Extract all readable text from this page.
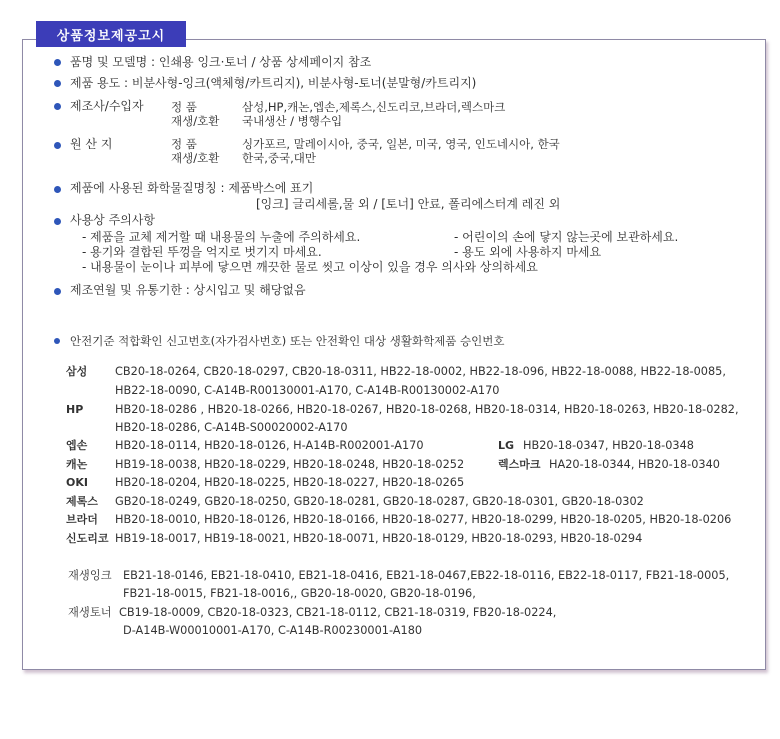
상품정보제공고시
품명 및 모델명 : 인쇄용 잉크·토너 / 상품 상세페이지 참조
제품 용도 : 비분사형-잉크(액체형/카트리지), 비분사형-토너(분말형/카트리지)
제조사/수입자 정 품	삼성,HP,캐논,엡손,제록스,신도리코,브라더,렉스마크
재생/호환 국내생산 / 병행수입
원 산 지	정 품	싱가포르, 말레이시아, 중국, 일본, 미국, 영국, 인도네시아, 한국
재생/호환 한국,중국,대만
제품에 사용된 화학물질명칭 : 제품박스에 표기
[잉크] 글리세롤,물 외 / [토너] 안료, 폴리에스터계 레진 외
사용상 주의사항
- 제품을 교체 제거할 때 내용물의 누출에 주의하세요.	- 어린이의 손에 닿지 않는곳에 보관하세요.
- 용기와 결합된 뚜껑을 억지로 벗기지 마세요.	- 용도 외에 사용하지 마세요
- 내용물이 눈이나 피부에 닿으면 깨끗한 물로 씻고 이상이 있을 경우 의사와 상의하세요
제조연월 및 유통기한 : 상시입고 및 해당없음
안전기준 적합확인 신고번호(자가검사번호) 또는 안전확인 대상 생활화학제품 승인번호
삼성 CB20-18-0264, CB20-18-0297, CB20-18-0311, HB22-18-0002, HB22-18-096, HB22-18-0088, HB22-18-0085,
HB22-18-0090, C-A14B-R00130001-A170, C-A14B-R00130002-A170
HP	HB20-18-0286 , HB20-18-0266, HB20-18-0267, HB20-18-0268, HB20-18-0314, HB20-18-0263, HB20-18-0282,
HB20-18-0286, C-A14B-S00020002-A170
엡손 HB20-18-0114, HB20-18-0126, H-A14B-R002001-A170	LG HB20-18-0347, HB20-18-0348
캐논 HB19-18-0038, HB20-18-0229, HB20-18-0248, HB20-18-0252	렉스마크 HA20-18-0344, HB20-18-0340
OKI HB20-18-0204, HB20-18-0225, HB20-18-0227, HB20-18-0265
제록스 GB20-18-0249, GB20-18-0250, GB20-18-0281, GB20-18-0287, GB20-18-0301, GB20-18-0302
브라더 HB20-18-0010, HB20-18-0126, HB20-18-0166, HB20-18-0277, HB20-18-0299, HB20-18-0205, HB20-18-0206
신도리코 HB19-18-0017, HB19-18-0021, HB20-18-0071, HB20-18-0129, HB20-18-0293, HB20-18-0294
재생잉크 EB21-18-0146, EB21-18-0410, EB21-18-0416, EB21-18-0467,EB22-18-0116, EB22-18-0117, FB21-18-0005,
FB21-18-0015, FB21-18-0016,, GB20-18-0020, GB20-18-0196,
재생토너 CB19-18-0009, CB20-18-0323, CB21-18-0112, CB21-18-0319, FB20-18-0224,
D-A14B-W00010001-A170, C-A14B-R00230001-A180
